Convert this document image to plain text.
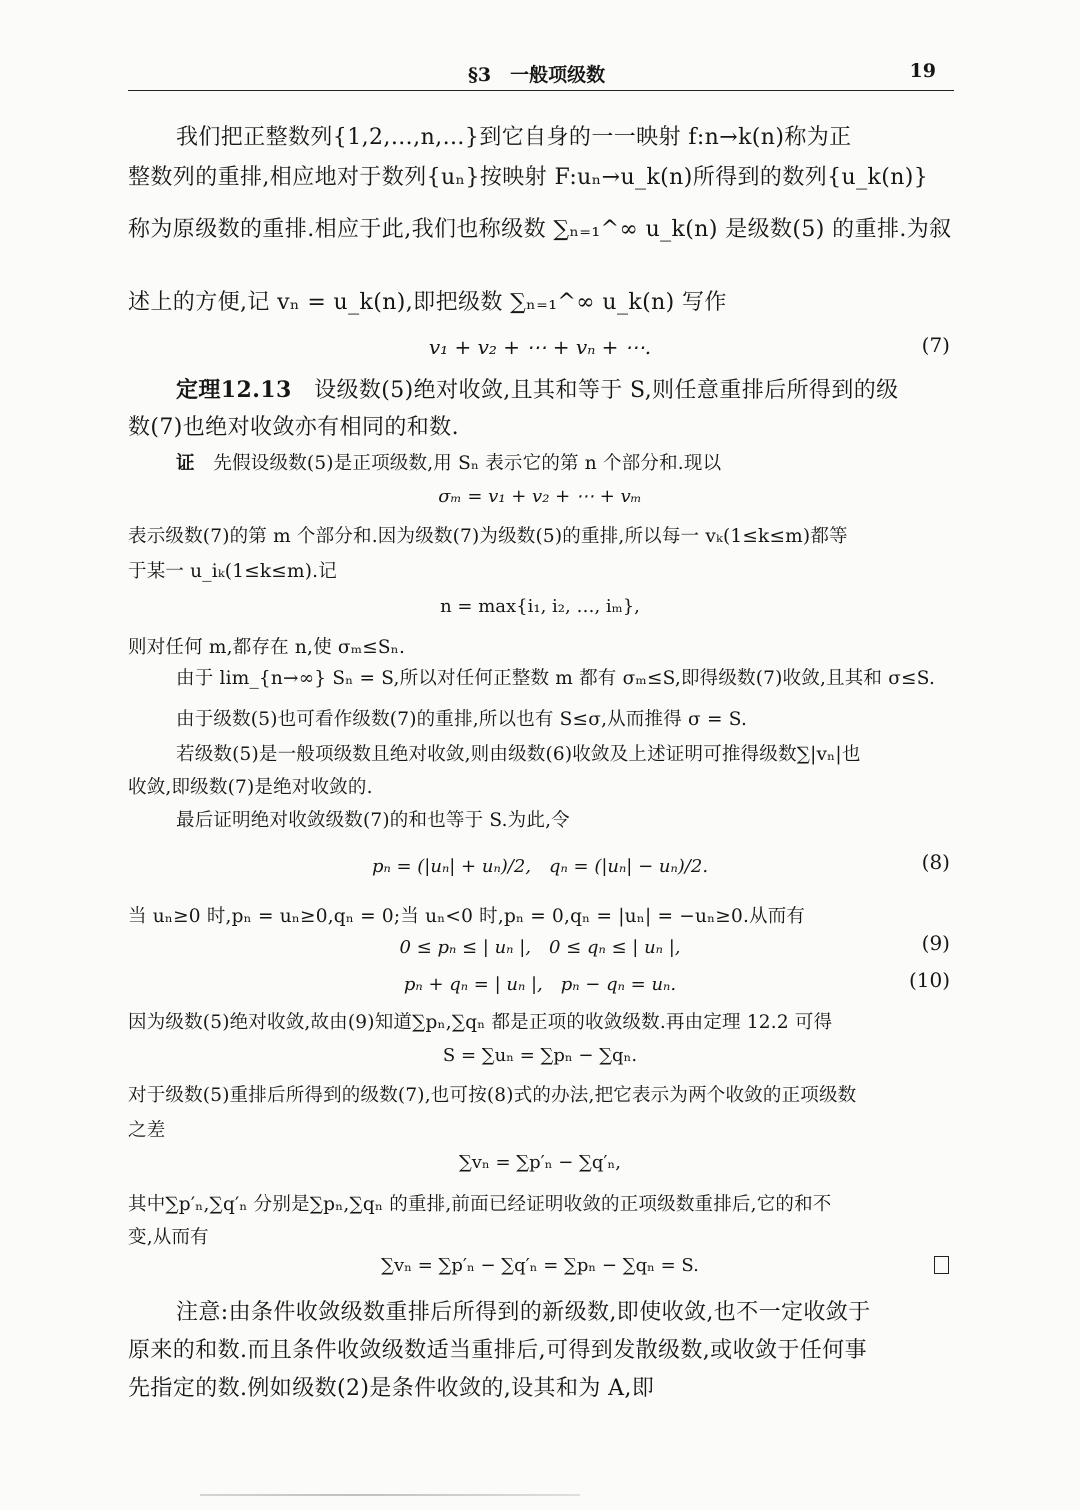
§3　一般项级数	19
我们把正整数列{1,2,…,n,…}到它自身的一一映射 f:n→k(n)称为正
整数列的重排,相应地对于数列{uₙ}按映射 F:uₙ→u_k(n)所得到的数列{u_k(n)}
称为原级数的重排.相应于此,我们也称级数 ∑ₙ₌₁^∞ u_k(n) 是级数(5) 的重排.为叙
述上的方便,记 vₙ = u_k(n),即把级数 ∑ₙ₌₁^∞ u_k(n) 写作
v₁ + v₂ + ⋯ + vₙ + ⋯.	(7)
定理12.13　设级数(5)绝对收敛,且其和等于 S,则任意重排后所得到的级
数(7)也绝对收敛亦有相同的和数.
证　先假设级数(5)是正项级数,用 Sₙ 表示它的第 n 个部分和.现以
σₘ = v₁ + v₂ + ⋯ + vₘ
表示级数(7)的第 m 个部分和.因为级数(7)为级数(5)的重排,所以每一 vₖ(1≤k≤m)都等
于某一 u_iₖ(1≤k≤m).记
n = max{i₁, i₂, …, iₘ},
则对任何 m,都存在 n,使 σₘ≤Sₙ.
由于 lim_{n→∞} Sₙ = S,所以对任何正整数 m 都有 σₘ≤S,即得级数(7)收敛,且其和 σ≤S.
由于级数(5)也可看作级数(7)的重排,所以也有 S≤σ,从而推得 σ = S.
若级数(5)是一般项级数且绝对收敛,则由级数(6)收敛及上述证明可推得级数∑|vₙ|也
收敛,即级数(7)是绝对收敛的.
最后证明绝对收敛级数(7)的和也等于 S.为此,令
pₙ = (|uₙ| + uₙ)/2,　qₙ = (|uₙ| − uₙ)/2.	(8)
当 uₙ≥0 时,pₙ = uₙ≥0,qₙ = 0;当 uₙ<0 时,pₙ = 0,qₙ = |uₙ| = −uₙ≥0.从而有
0 ≤ pₙ ≤ | uₙ |,　0 ≤ qₙ ≤ | uₙ |,	(9)
pₙ + qₙ = | uₙ |,　pₙ − qₙ = uₙ.	(10)
因为级数(5)绝对收敛,故由(9)知道∑pₙ,∑qₙ 都是正项的收敛级数.再由定理 12.2 可得
S = ∑uₙ = ∑pₙ − ∑qₙ.
对于级数(5)重排后所得到的级数(7),也可按(8)式的办法,把它表示为两个收敛的正项级数
之差
∑vₙ = ∑p′ₙ − ∑q′ₙ,
其中∑p′ₙ,∑q′ₙ 分别是∑pₙ,∑qₙ 的重排,前面已经证明收敛的正项级数重排后,它的和不
变,从而有
∑vₙ = ∑p′ₙ − ∑q′ₙ = ∑pₙ − ∑qₙ = S.
注意:由条件收敛级数重排后所得到的新级数,即使收敛,也不一定收敛于
原来的和数.而且条件收敛级数适当重排后,可得到发散级数,或收敛于任何事
先指定的数.例如级数(2)是条件收敛的,设其和为 A,即
